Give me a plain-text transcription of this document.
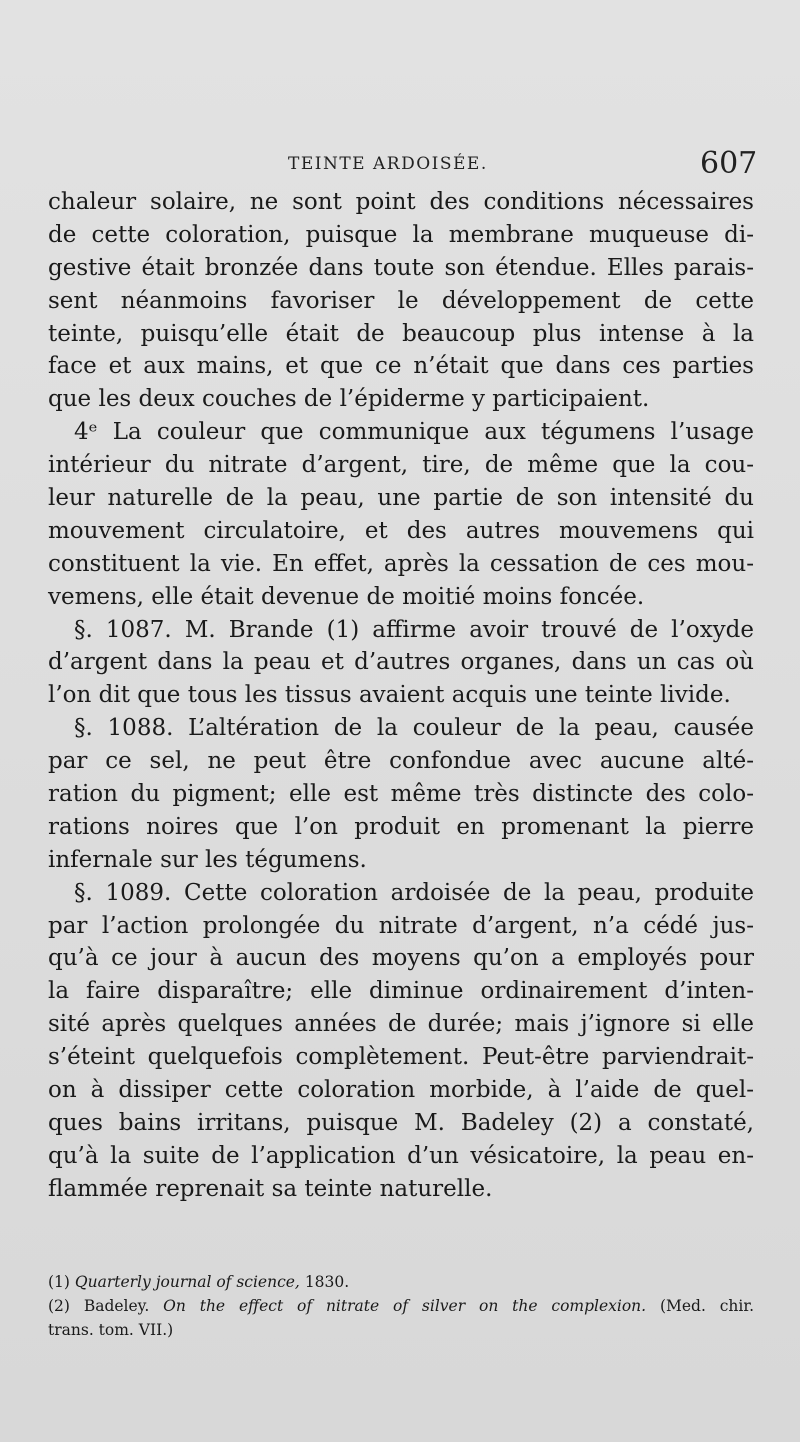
TEINTE ARDOISÉE.	607
chaleur solaire, ne sont point des conditions nécessaires
de cette coloration, puisque la membrane muqueuse di-
gestive était bronzée dans toute son étendue. Elles parais-
sent néanmoins favoriser le développement de cette
teinte, puisqu’elle était de beaucoup plus intense à la
face et aux mains, et que ce n’était que dans ces parties
que les deux couches de l’épiderme y participaient.
4ᵉ La couleur que communique aux tégumens l’usage
intérieur du nitrate d’argent, tire, de même que la cou-
leur naturelle de la peau, une partie de son intensité du
mouvement circulatoire, et des autres mouvemens qui
constituent la vie. En effet, après la cessation de ces mou-
vemens, elle était devenue de moitié moins foncée.
§. 1087. M. Brande (1) affirme avoir trouvé de l’oxyde
d’argent dans la peau et d’autres organes, dans un cas où
l’on dit que tous les tissus avaient acquis une teinte livide.
§. 1088. L’altération de la couleur de la peau, causée
par ce sel, ne peut être confondue avec aucune alté-
ration du pigment; elle est même très distincte des colo-
rations noires que l’on produit en promenant la pierre
infernale sur les tégumens.
§. 1089. Cette coloration ardoisée de la peau, produite
par l’action prolongée du nitrate d’argent, n’a cédé jus-
qu’à ce jour à aucun des moyens qu’on a employés pour
la faire disparaître; elle diminue ordinairement d’inten-
sité après quelques années de durée; mais j’ignore si elle
s’éteint quelquefois complètement. Peut-être parviendrait-
on à dissiper cette coloration morbide, à l’aide de quel-
ques bains irritans, puisque M. Badeley (2) a constaté,
qu’à la suite de l’application d’un vésicatoire, la peau en-
flammée reprenait sa teinte naturelle.
(1) Quarterly journal of science, 1830.
(2) Badeley. On the effect of nitrate of silver on the complexion. (Med. chir.
trans. tom. VII.)
